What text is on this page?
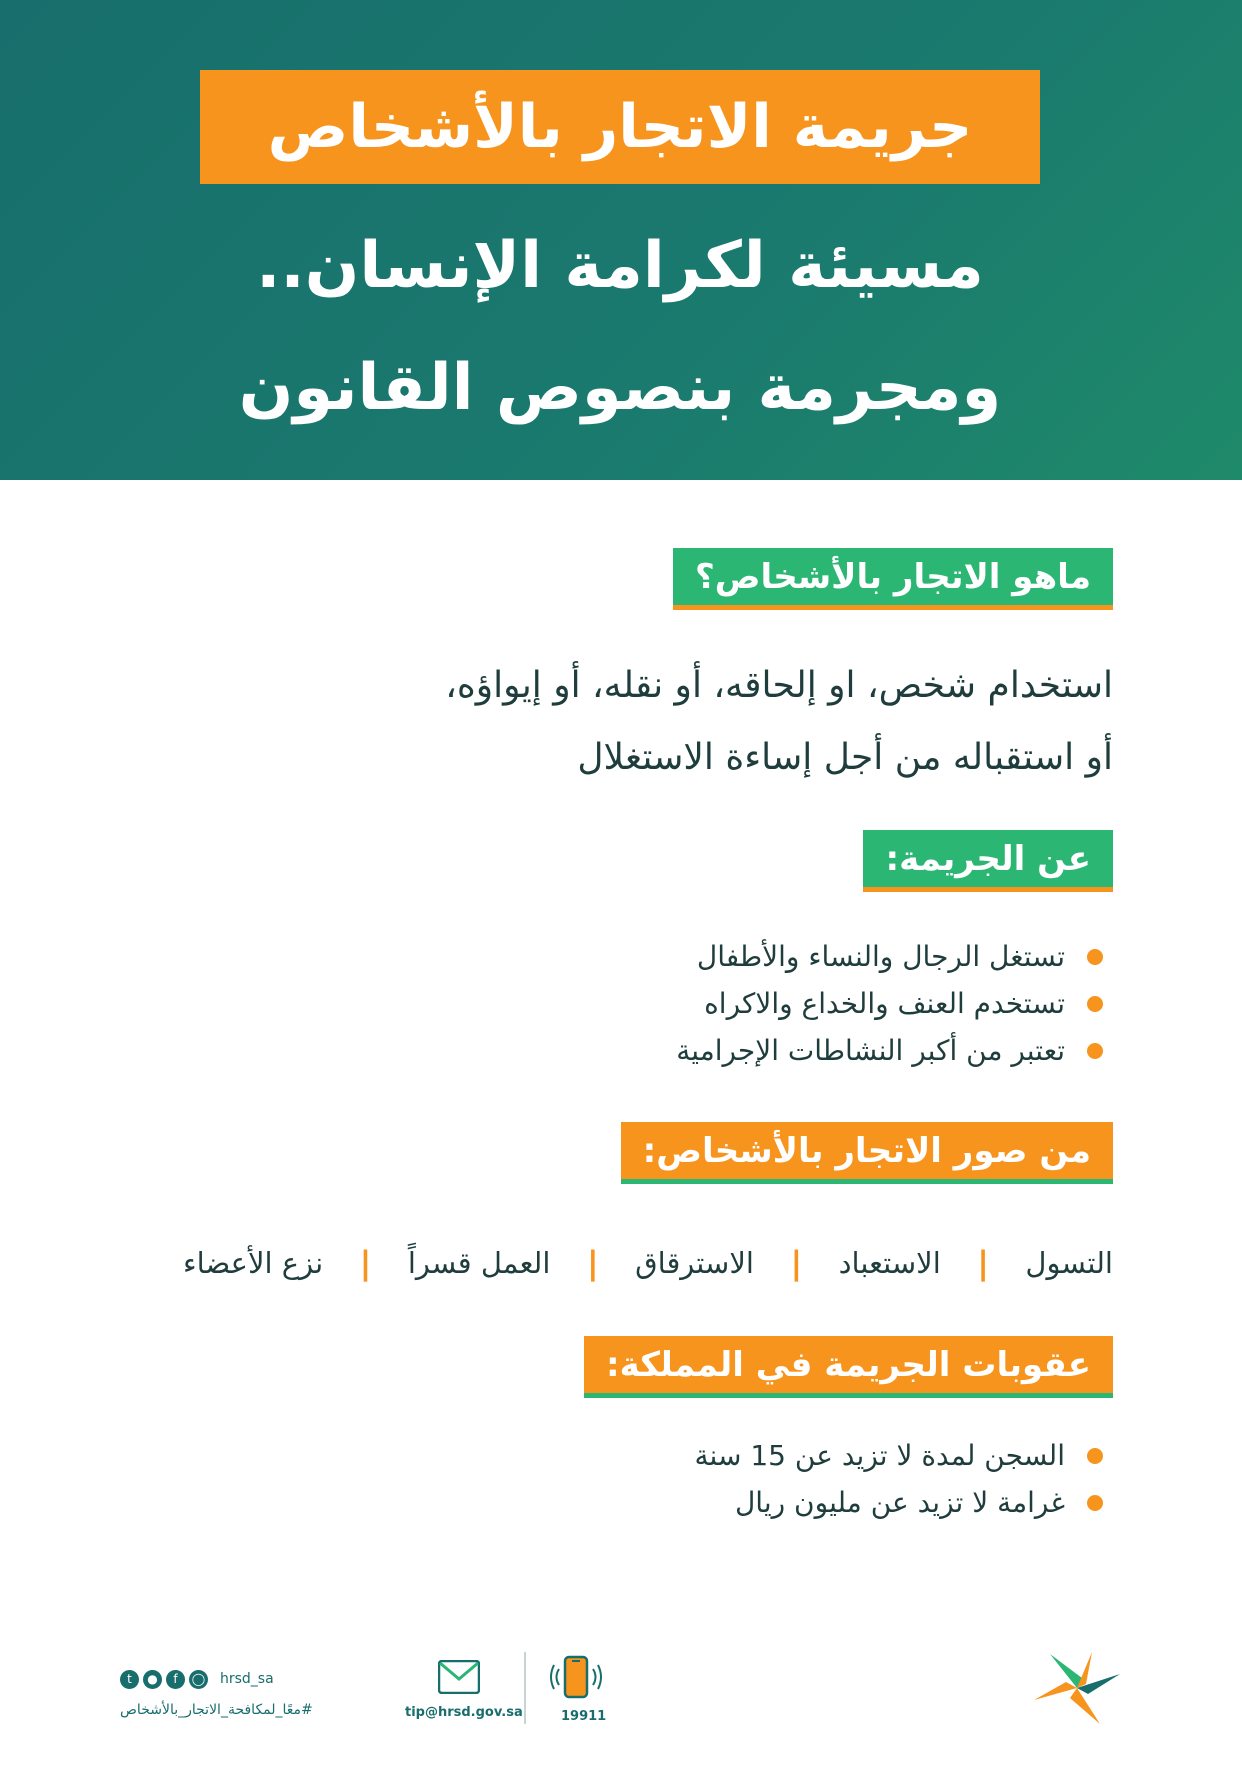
جريمة الاتجار بالأشخاص
مسيئة لكرامة الإنسان..
ومجرمة بنصوص القانون
ماهو الاتجار بالأشخاص؟
استخدام شخص، او إلحاقه، أو نقله، أو إيواؤه،
أو استقباله من أجل إساءة الاستغلال
عن الجريمة:
تستغل الرجال والنساء والأطفال
تستخدم العنف والخداع والاكراه
تعتبر من أكبر النشاطات الإجرامية
من صور الاتجار بالأشخاص:
التسول
|
الاستعباد
|
الاسترقاق
|
العمل قسراً
|
نزع الأعضاء
عقوبات الجريمة في المملكة:
السجن لمدة لا تزيد عن 15 سنة
غرامة لا تزيد عن مليون ريال
t	●	f	◯ hrsd_sa
#معًا_لمكافحة_الاتجار_بالأشخاص	tip@hrsd.gov.sa	19911
